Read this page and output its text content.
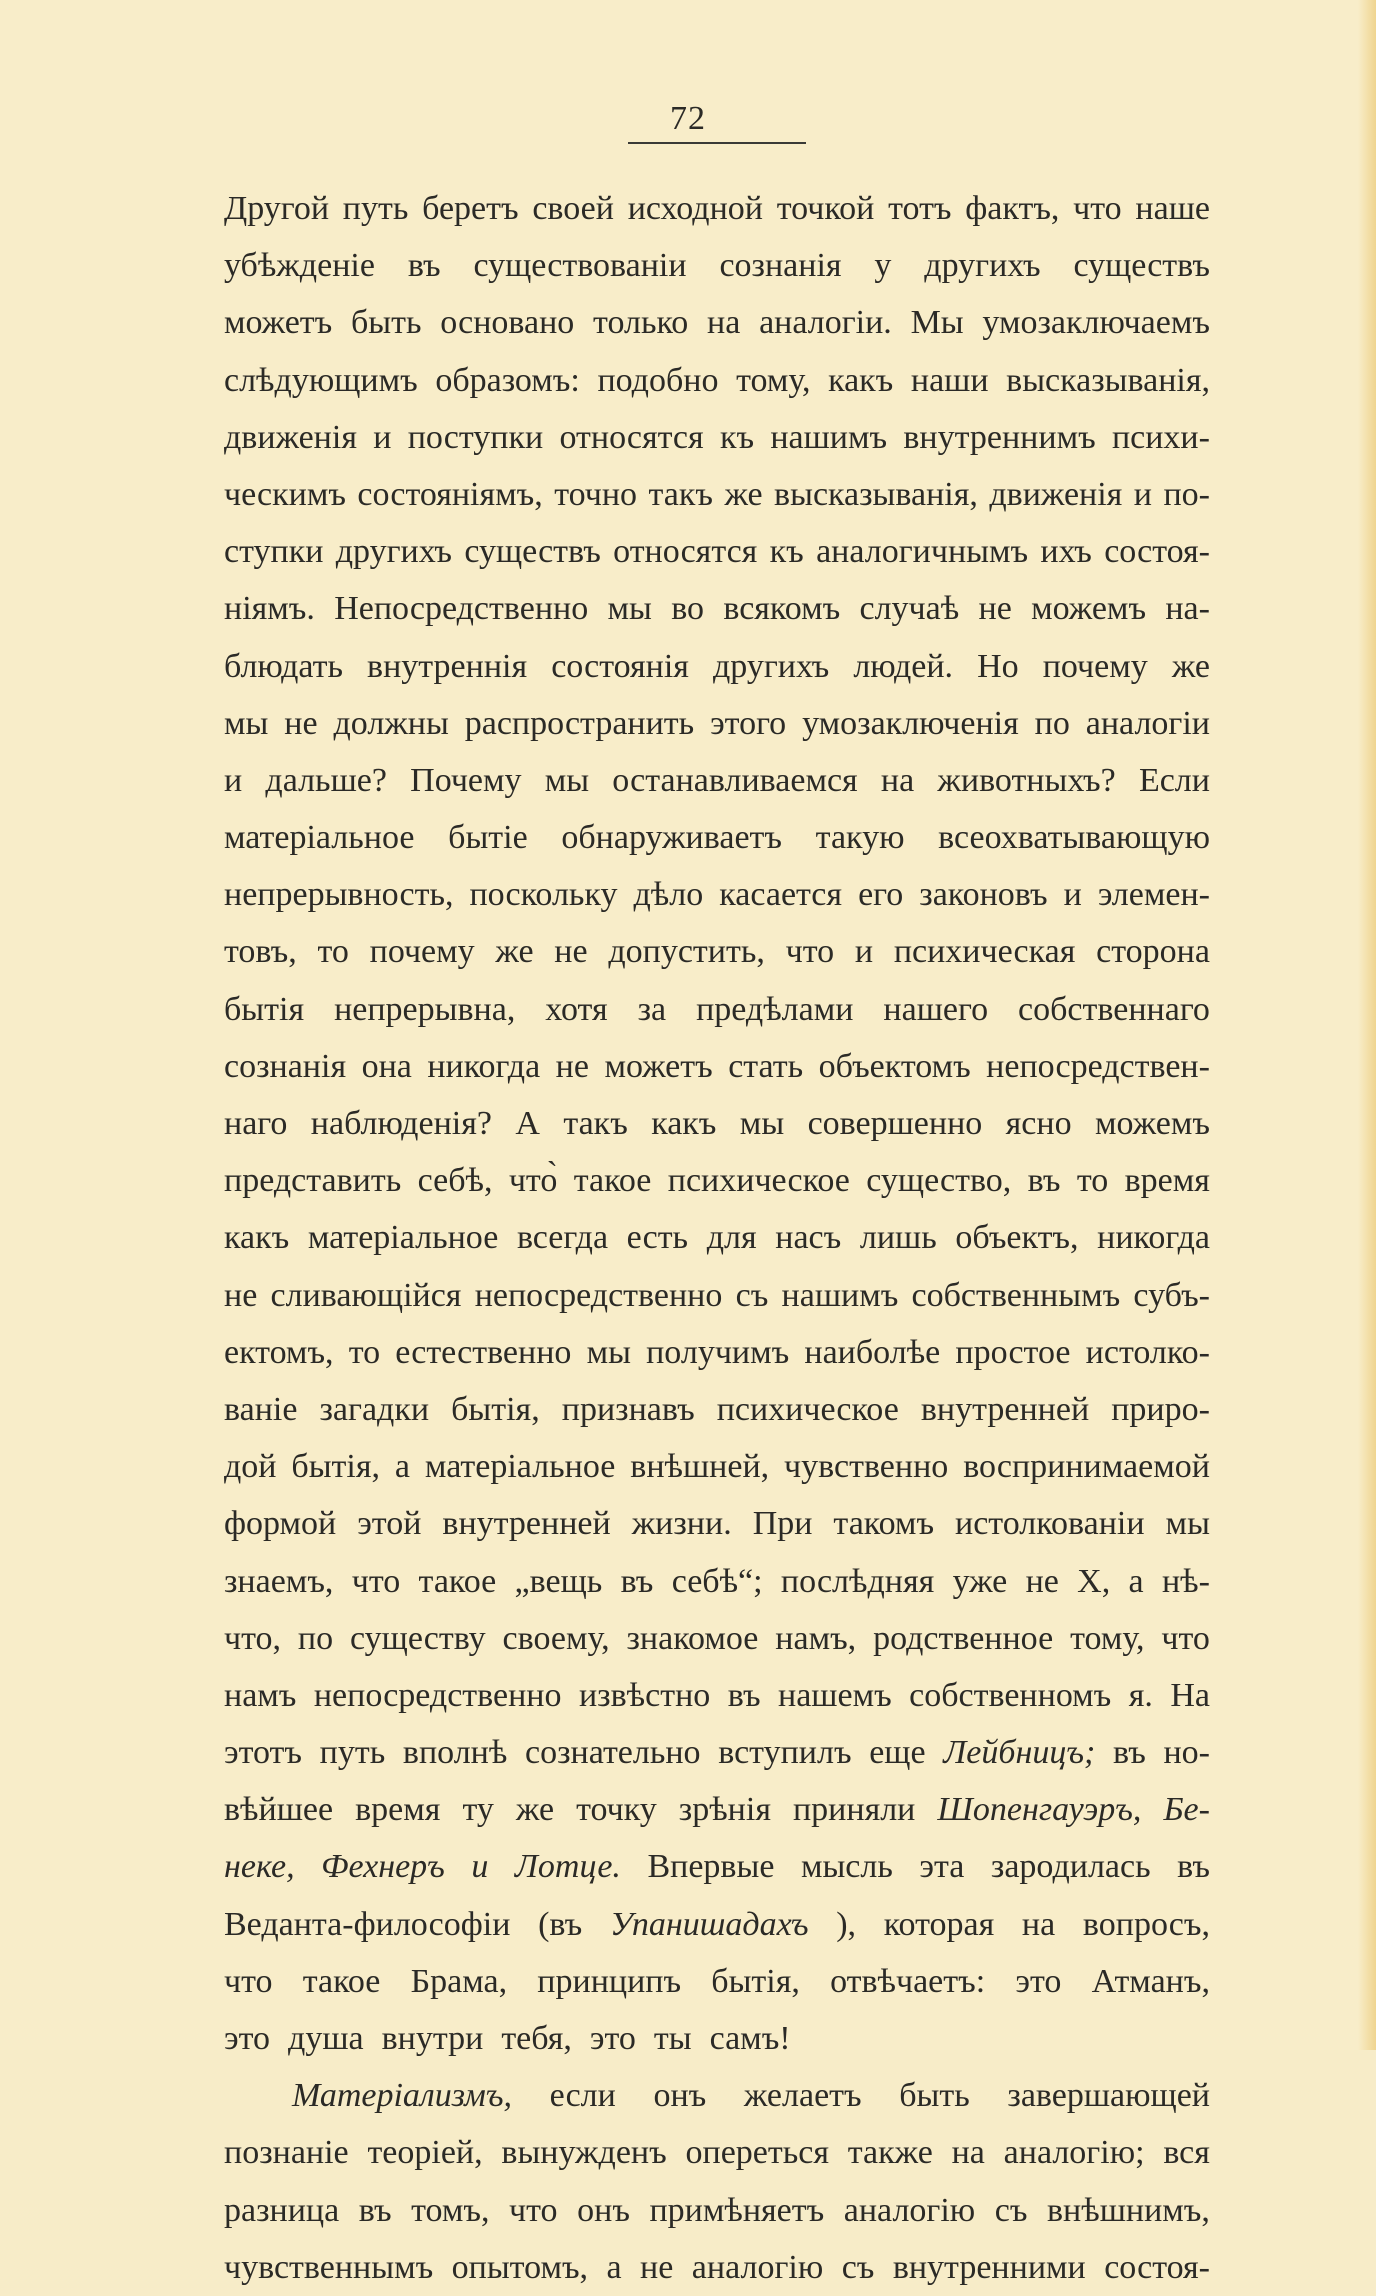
72
Другой путь беретъ своей исходной точкой тотъ фактъ, что наше
убѣжденіе въ существованіи сознанія у другихъ существъ
можетъ быть основано только на аналогіи. Мы умозаключаемъ
слѣдующимъ образомъ: подобно тому, какъ наши высказыванія,
движенія и поступки относятся къ нашимъ внутреннимъ психи-
ческимъ состояніямъ, точно такъ же высказыванія, движенія и по-
ступки другихъ существъ относятся къ аналогичнымъ ихъ состоя-
ніямъ. Непосредственно мы во всякомъ случаѣ не можемъ на-
блюдать внутреннія состоянія другихъ людей. Но почему же
мы не должны распространить этого умозаключенія по аналогіи
и дальше? Почему мы останавливаемся на животныхъ? Если
матеріальное бытіе обнаруживаетъ такую всеохватывающую
непрерывность, поскольку дѣло касается его законовъ и элемен-
товъ, то почему же не допустить, что и психическая сторона
бытія непрерывна, хотя за предѣлами нашего собственнаго
сознанія она никогда не можетъ стать объектомъ непосредствен-
наго наблюденія? А такъ какъ мы совершенно ясно можемъ
представить себѣ, что̀ такое психическое существо, въ то время
какъ матеріальное всегда есть для насъ лишь объектъ, никогда
не сливающійся непосредственно съ нашимъ собственнымъ субъ-
ектомъ, то естественно мы получимъ наиболѣе простое истолко-
ваніе загадки бытія, признавъ психическое внутренней приро-
дой бытія, а матеріальное внѣшней, чувственно воспринимаемой
формой этой внутренней жизни. При такомъ истолкованіи мы
знаемъ, что такое „вещь въ себѣ“; послѣдняя уже не X, а нѣ-
что, по существу своему, знакомое намъ, родственное тому, что
намъ непосредственно извѣстно въ нашемъ собственномъ я. На
этотъ путь вполнѣ сознательно вступилъ еще Лейбницъ; въ но-
вѣйшее время ту же точку зрѣнія приняли Шопенгауэръ, Бе-
неке, Фехнеръ и Лотце. Впервые мысль эта зародилась въ
Веданта-философіи (въ Упанишадахъ ), которая на вопросъ,
что такое Брама, принципъ бытія, отвѣчаетъ: это Атманъ,
это душа внутри тебя, это ты самъ!
Матеріализмъ, если онъ желаетъ быть завершающей
познаніе теоріей, вынужденъ опереться также на аналогію; вся
разница въ томъ, что онъ примѣняетъ аналогію съ внѣшнимъ,
чувственнымъ опытомъ, а не аналогію съ внутренними состоя-
